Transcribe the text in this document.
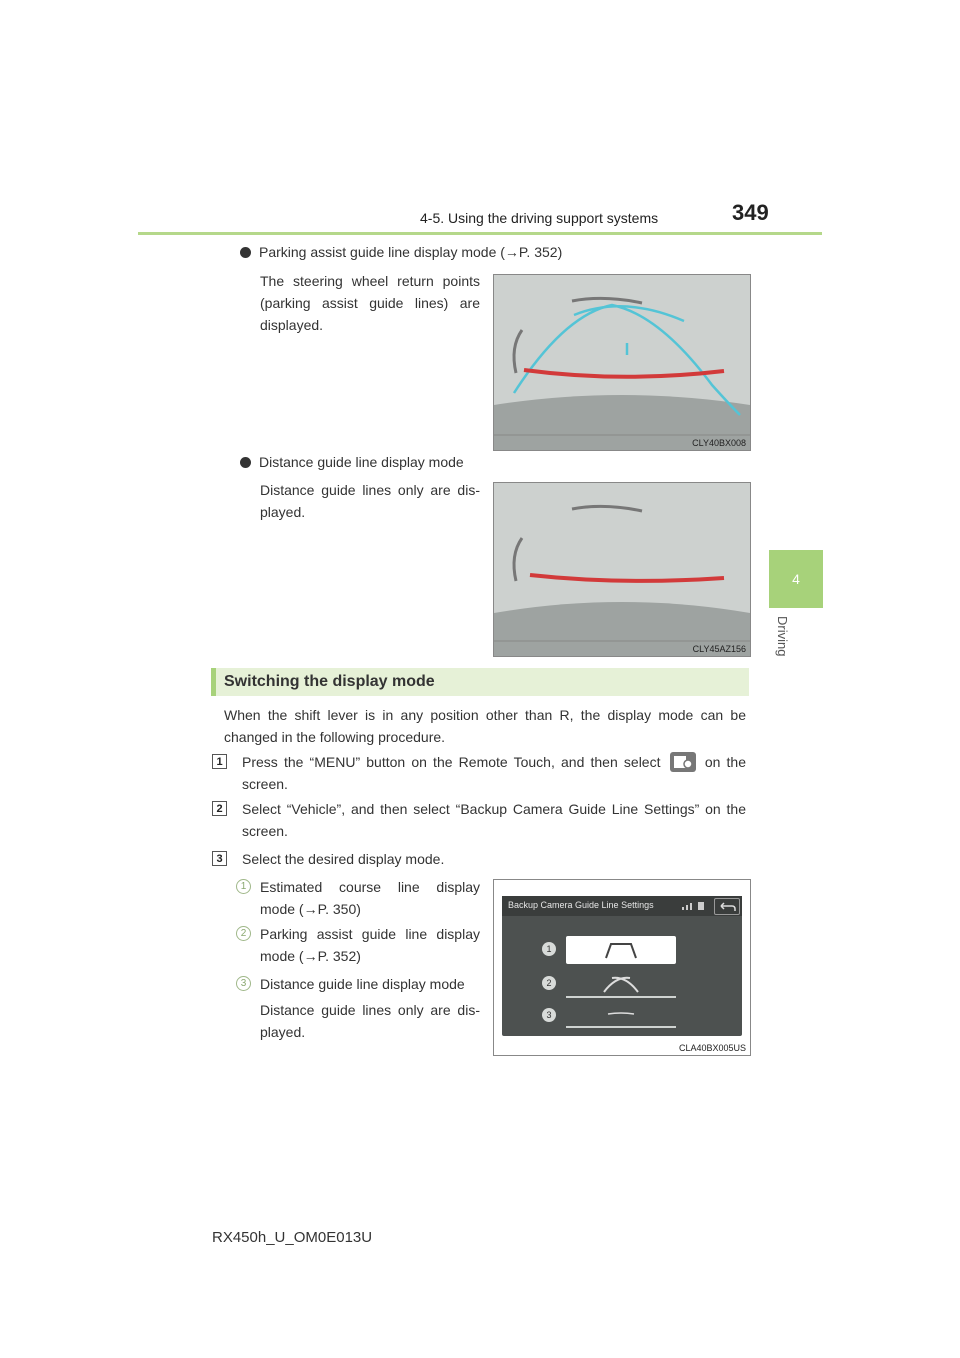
4-5. Using the driving support systems	349
4
Driving
Parking assist guide line display mode (→P. 352)
The steering wheel return points (parking assist guide lines) are displayed.
CLY40BX008
Distance guide line display mode
Distance guide lines only are dis- played.
CLY45AZ156
Switching the display mode
When the shift lever is in any position other than R, the display mode can be changed in the following procedure.
1	Press the “MENU” button on the Remote Touch, and then select	on the screen.
2	Select “Vehicle”, and then select “Backup Camera Guide Line Settings” on the screen.
3	Select the desired display mode.
1 Estimated course line display mode (→P. 350)
2 Parking assist guide line display mode (→P. 352)
3 Distance guide line display mode
Distance guide lines only are dis- played.
Backup Camera Guide Line Settings
1
2
3
CLA40BX005US
RX450h_U_OM0E013U
